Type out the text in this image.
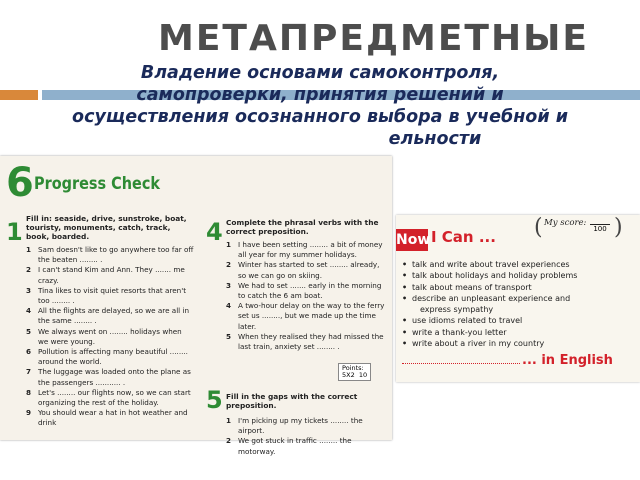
МЕТАПРЕДМЕТНЫЕ
Владение основами самоконтроля,
самопроверки, принятия решений и
осуществления осознанного выбора в учебной и
ельности
6 Progress Check
1 Fill in: seaside, drive, sunstroke, boat, touristy, monuments, catch, track, book, boarded.
1 Sam doesn't like to go anywhere too far off the beaten ........ .
2 I can't stand Kim and Ann. They ....... me crazy.
3 Tina likes to visit quiet resorts that aren't too ........ .
4 All the flights are delayed, so we are all in the same ........ .
5 We always went on ........ holidays when we were young.
6 Pollution is affecting many beautiful ........ around the world.
7 The luggage was loaded onto the plane as the passengers ........... .
8 Let's ........ our flights now, so we can start organizing the rest of the holiday.
9 You should wear a hat in hot weather and drink
4 Complete the phrasal verbs with the correct preposition.
1 I have been setting ........ a bit of money all year for my summer holidays.
2 Winter has started to set ........ already, so we can go on skiing.
3 We had to set ....... early in the morning to catch the 6 am boat.
4 A two-hour delay on the way to the ferry set us ........, but we made up the time later.
5 When they realised they had missed the last train, anxiety set ........ .
Points:
5X2 10
5 Fill in the gaps with the correct preposition.
1 I'm picking up my tickets ........ the airport.
2 We got stuck in traffic ........ the motorway.
( My score:
100 )
Now I Can ...
• talk and write about travel experiences
• talk about holidays and holiday problems
• talk about means of transport
• describe an unpleasant experience and
express sympathy
• use idioms related to travel
• write a thank-you letter
• write about a river in my country
... in English
